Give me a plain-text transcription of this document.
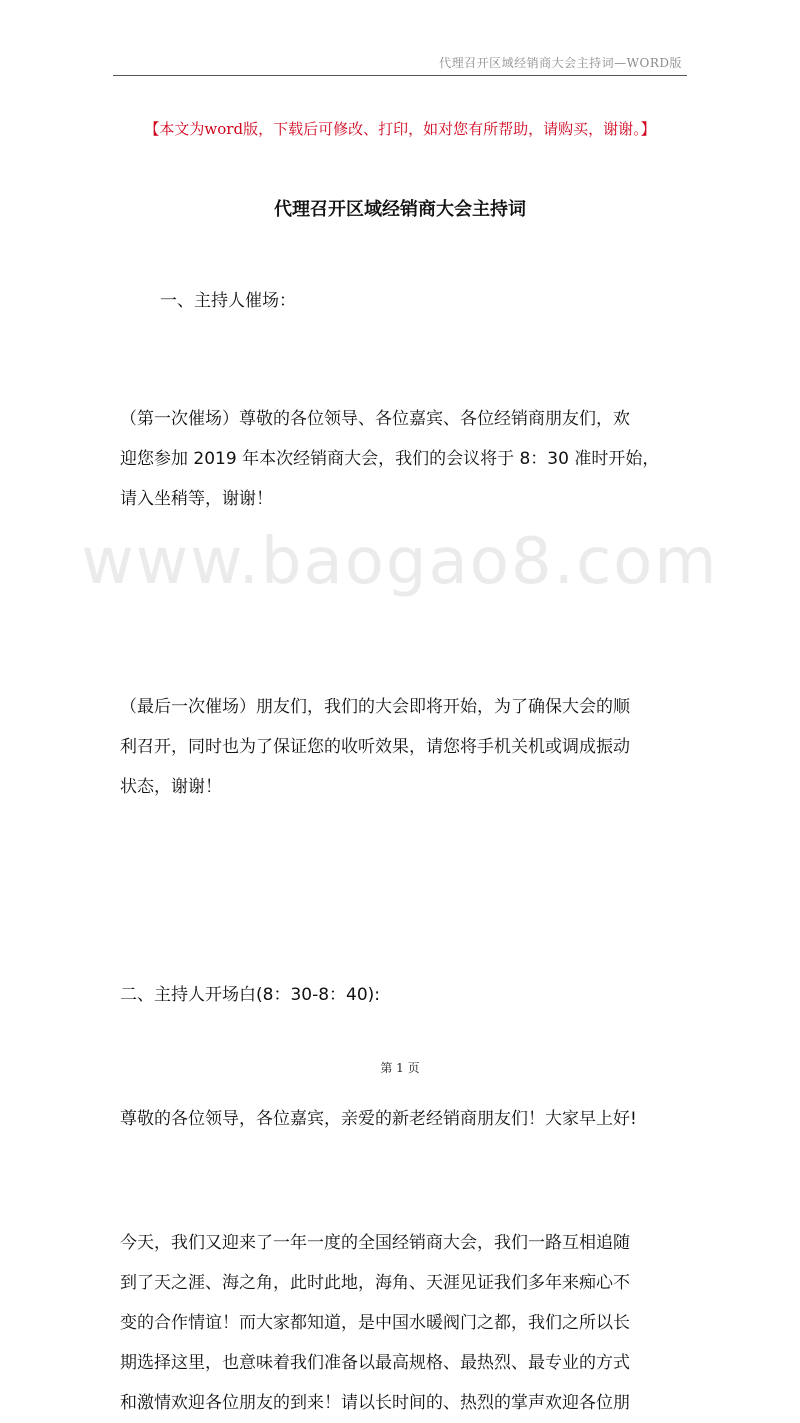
www.baogao8.com
代理召开区域经销商大会主持词—WORD版
【本文为word版，下载后可修改、打印，如对您有所帮助，请购买，谢谢。】
代理召开区域经销商大会主持词
一、主持人催场：
（第一次催场）尊敬的各位领导、各位嘉宾、各位经销商朋友们，欢
迎您参加 2019 年本次经销商大会，我们的会议将于 8：30 准时开始，
请入坐稍等，谢谢！
（最后一次催场）朋友们，我们的大会即将开始，为了确保大会的顺
利召开，同时也为了保证您的收听效果，请您将手机关机或调成振动
状态，谢谢！
二、主持人开场白(8：30-8：40):
尊敬的各位领导，各位嘉宾，亲爱的新老经销商朋友们！大家早上好!
今天，我们又迎来了一年一度的全国经销商大会，我们一路互相追随
到了天之涯、海之角，此时此地，海角、天涯见证我们多年来痴心不
变的合作情谊！而大家都知道，是中国水暖阀门之都，我们之所以长
期选择这里，也意味着我们准备以最高规格、最热烈、最专业的方式
和激情欢迎各位朋友的到来！请以长时间的、热烈的掌声欢迎各位朋
第 1 页
